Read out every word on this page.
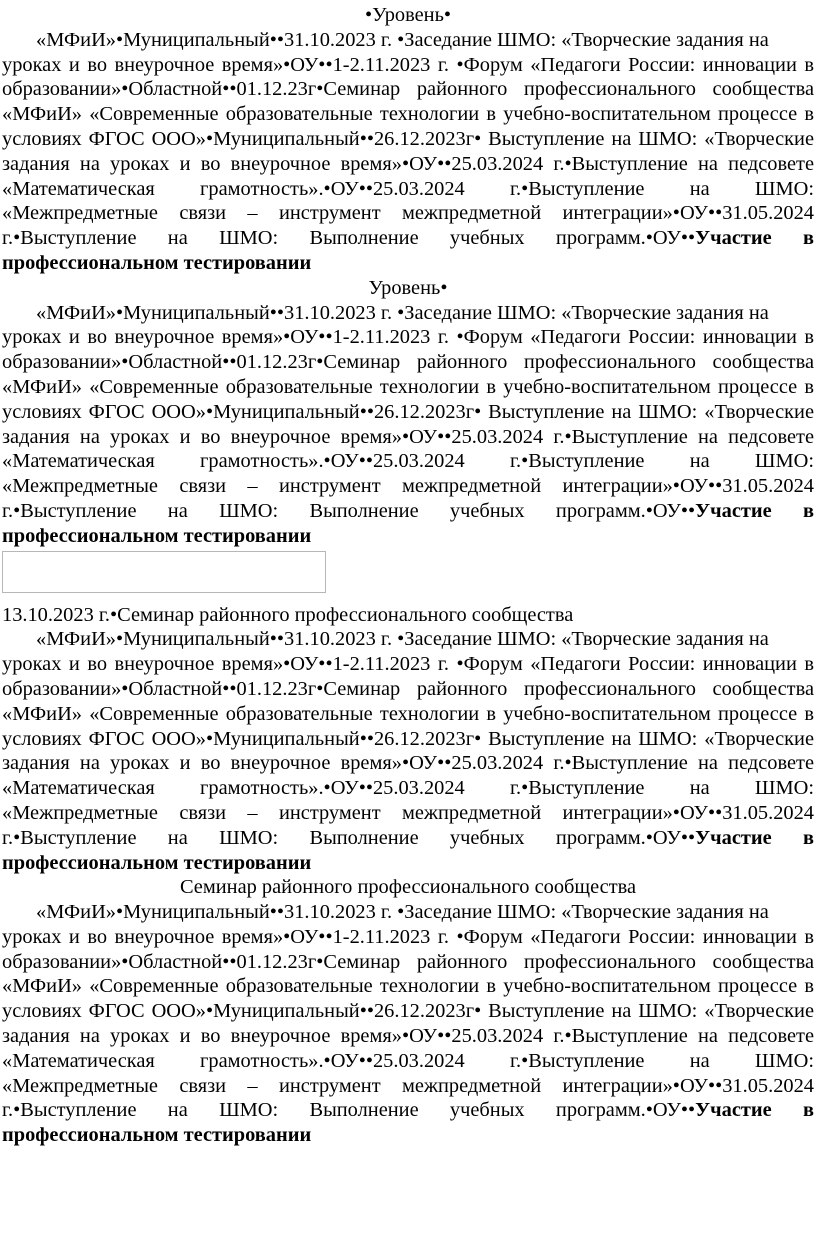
•Уровень•
«МФиИ»•Муниципальный••31.10.2023 г. •Заседание ШМО: «Творческие задания на
уроках и во внеурочное время»•ОУ••1-2.11.2023 г. •Форум «Педагоги России: инновации в образовании»•Областной••01.12.23г•Семинар районного профессионального сообщества «МФиИ» «Современные образовательные технологии в учебно-воспитательном процессе в условиях ФГОС ООО»•Муниципальный••26.12.2023г• Выступление на ШМО: «Творческие задания на уроках и во внеурочное время»•ОУ••25.03.2024 г.•Выступление на педсовете «Математическая грамотность».•ОУ••25.03.2024 г.•Выступление на ШМО: «Межпредметные связи – инструмент межпредметной интеграции»•ОУ••31.05.2024 г.•Выступление на ШМО: Выполнение учебных программ.•ОУ••Участие в
профессиональном тестировании
Уровень•
«МФиИ»•Муниципальный••31.10.2023 г. •Заседание ШМО: «Творческие задания на
уроках и во внеурочное время»•ОУ••1-2.11.2023 г. •Форум «Педагоги России: инновации в образовании»•Областной••01.12.23г•Семинар районного профессионального сообщества «МФиИ» «Современные образовательные технологии в учебно-воспитательном процессе в условиях ФГОС ООО»•Муниципальный••26.12.2023г• Выступление на ШМО: «Творческие задания на уроках и во внеурочное время»•ОУ••25.03.2024 г.•Выступление на педсовете «Математическая грамотность».•ОУ••25.03.2024 г.•Выступление на ШМО: «Межпредметные связи – инструмент межпредметной интеграции»•ОУ••31.05.2024 г.•Выступление на ШМО: Выполнение учебных программ.•ОУ••Участие в
профессиональном тестировании
13.10.2023 г.•Семинар районного профессионального сообщества
«МФиИ»•Муниципальный••31.10.2023 г. •Заседание ШМО: «Творческие задания на
уроках и во внеурочное время»•ОУ••1-2.11.2023 г. •Форум «Педагоги России: инновации в образовании»•Областной••01.12.23г•Семинар районного профессионального сообщества «МФиИ» «Современные образовательные технологии в учебно-воспитательном процессе в условиях ФГОС ООО»•Муниципальный••26.12.2023г• Выступление на ШМО: «Творческие задания на уроках и во внеурочное время»•ОУ••25.03.2024 г.•Выступление на педсовете «Математическая грамотность».•ОУ••25.03.2024 г.•Выступление на ШМО: «Межпредметные связи – инструмент межпредметной интеграции»•ОУ••31.05.2024 г.•Выступление на ШМО: Выполнение учебных программ.•ОУ••Участие в
профессиональном тестировании
Семинар районного профессионального сообщества
«МФиИ»•Муниципальный••31.10.2023 г. •Заседание ШМО: «Творческие задания на
уроках и во внеурочное время»•ОУ••1-2.11.2023 г. •Форум «Педагоги России: инновации в образовании»•Областной••01.12.23г•Семинар районного профессионального сообщества «МФиИ» «Современные образовательные технологии в учебно-воспитательном процессе в условиях ФГОС ООО»•Муниципальный••26.12.2023г• Выступление на ШМО: «Творческие задания на уроках и во внеурочное время»•ОУ••25.03.2024 г.•Выступление на педсовете «Математическая грамотность».•ОУ••25.03.2024 г.•Выступление на ШМО: «Межпредметные связи – инструмент межпредметной интеграции»•ОУ••31.05.2024 г.•Выступление на ШМО: Выполнение учебных программ.•ОУ••Участие в
профессиональном тестировании
